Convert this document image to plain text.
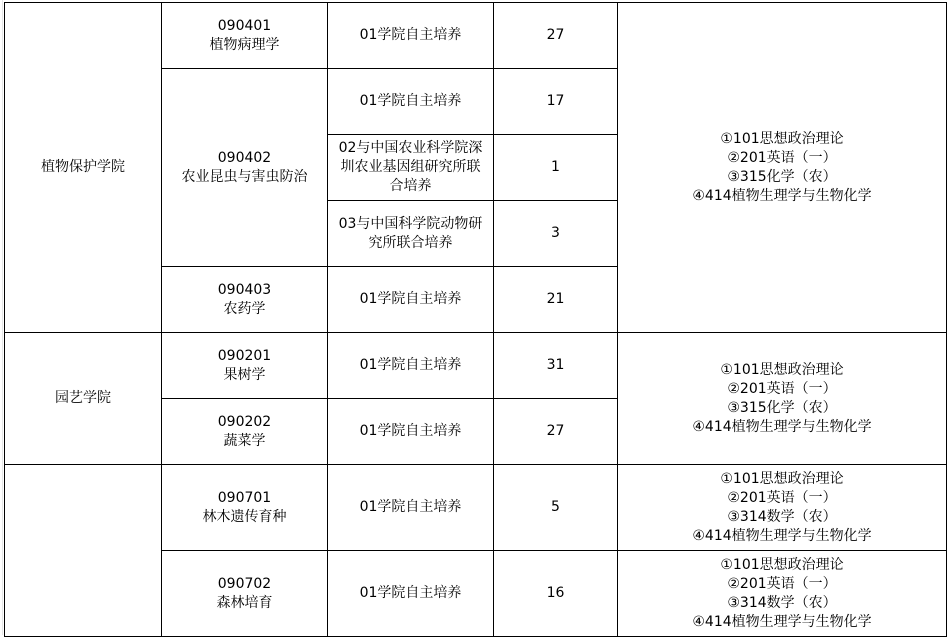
植物保护学院	090401
植物病理学	01学院自主培养	27	①101思想政治理论
②201英语（一）
③315化学（农）
④414植物生理学与生物化学

	090402
农业昆虫与害虫防治	01学院自主培养	17	

		02与中国农业科学院深
圳农业基因组研究所联
合培养	1	

		03与中国科学院动物研
究所联合培养	3	

	090403
农药学	01学院自主培养	21	
园艺学院	090201
果树学	01学院自主培养	31	①101思想政治理论
②201英语（一）
③315化学（农）
④414植物生理学与生物化学

	090202
蔬菜学	01学院自主培养	27	

	090701
林木遗传育种	01学院自主培养	5	①101思想政治理论
②201英语（一）
③314数学（农）
④414植物生理学与生物化学

	090702
森林培育	01学院自主培养	16	①101思想政治理论
②201英语（一）
③314数学（农）
④414植物生理学与生物化学
